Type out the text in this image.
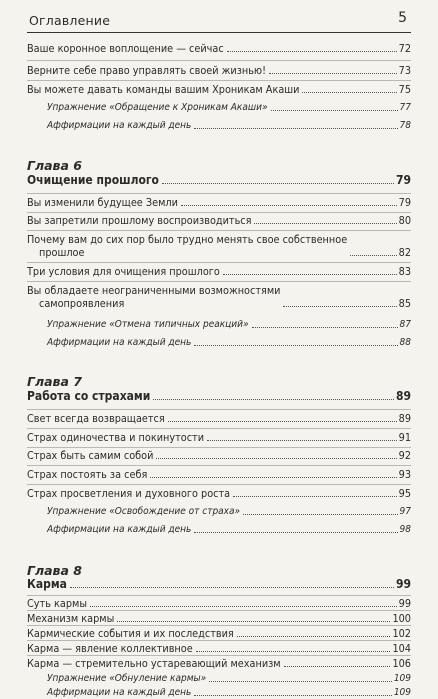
Оглавление	5
Ваше коронное воплощение — сейчас	72
Верните себе право управлять своей жизнью!	73
Вы можете давать команды вашим Хроникам Акаши	75
Упражнение «Обращение к Хроникам Акаши»	77
Аффирмации на каждый день	78
Глава 6
Очищение прошлого	79
Вы изменили будущее Земли	79
Вы запретили прошлому воспроизводиться	80
Почему вам до сих пор было трудно менять свое собственное
прошлое	82
Три условия для очищения прошлого	83
Вы обладаете неограниченными возможностями
самопроявления	85
Упражнение «Отмена типичных реакций»	87
Аффирмации на каждый день	88
Глава 7
Работа со страхами	89
Свет всегда возвращается	89
Страх одиночества и покинутости	91
Страх быть самим собой	92
Страх постоять за себя	93
Страх просветления и духовного роста	95
Упражнение «Освобождение от страха»	97
Аффирмации на каждый день	98
Глава 8
Карма	99
Суть кармы	99
Механизм кармы	100
Кармические события и их последствия	102
Карма — явление коллективное	104
Карма — стремительно устаревающий механизм	106
Упражнение «Обнуление кармы»	109
Аффирмации на каждый день	109
